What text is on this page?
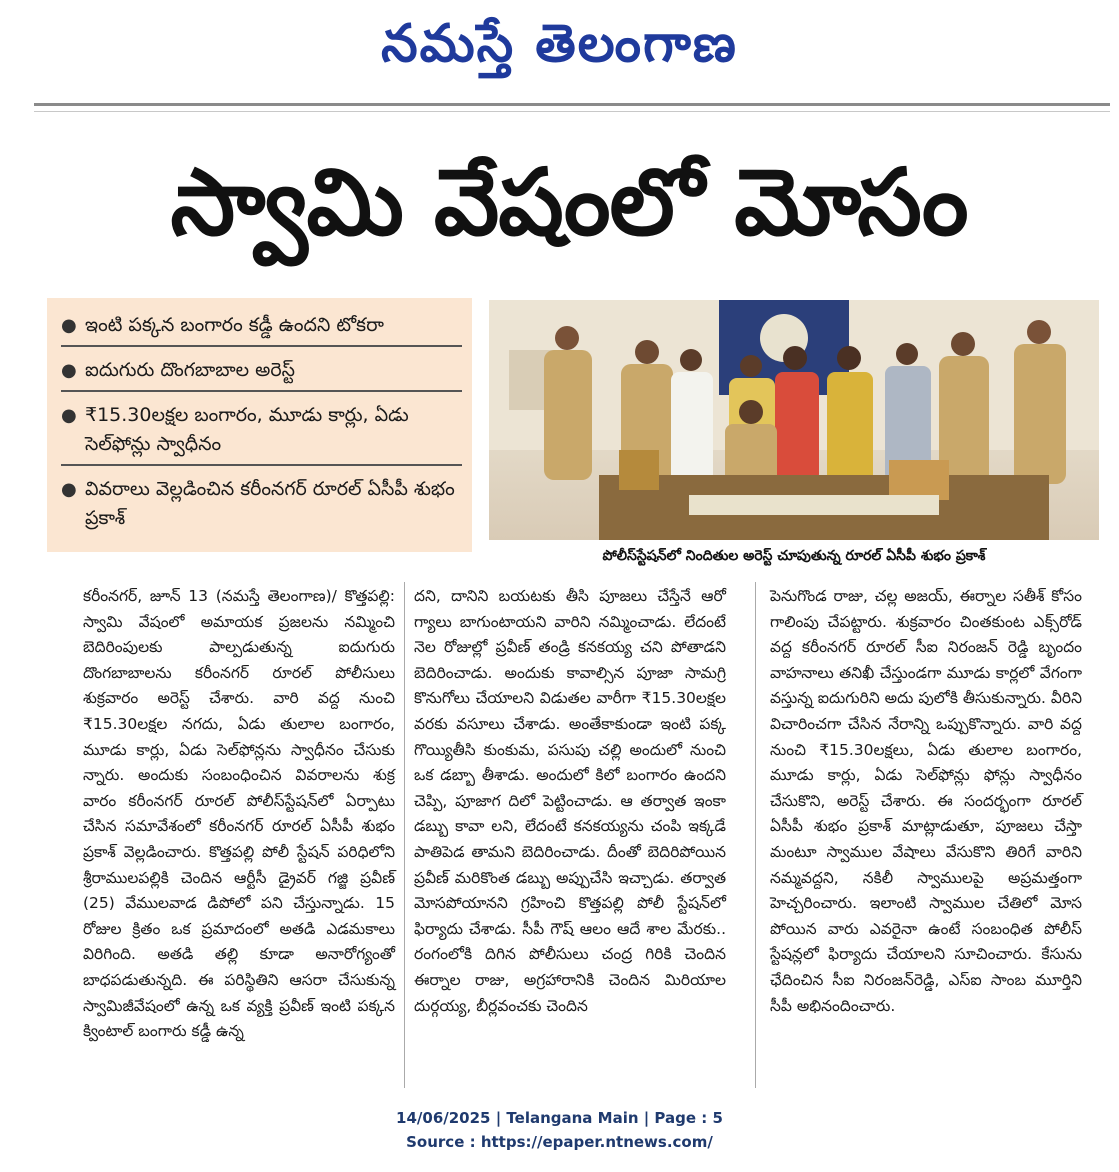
నమస్తే తెలంగాణ
స్వామి వేషంలో మోసం
● ఇంటి పక్కన బంగారం కడ్డీ ఉందని టోకరా
● ఐదుగురు దొంగబాబాల అరెస్ట్
● ₹15.30లక్షల బంగారం, మూడు కార్లు, ఏడు సెల్‌ఫోన్లు స్వాధీనం
● వివరాలు వెల్లడించిన కరీంనగర్ రూరల్ ఏసీపీ శుభం ప్రకాశ్
పోలీస్‌స్టేషన్‌లో నిందితుల అరెస్ట్ చూపుతున్న రూరల్ ఏసీపీ శుభం ప్రకాశ్
కరీంనగర్, జూన్ 13 (నమస్తే తెలంగాణ)/ కొత్తపల్లి: స్వామి వేషంలో అమాయక ప్రజలను నమ్మించి బెదిరింపులకు పాల్పడుతున్న ఐదుగురు దొంగబాబాలను కరీంనగర్ రూరల్ పోలీసులు శుక్రవారం అరెస్ట్ చేశారు. వారి వద్ద నుంచి ₹15.30లక్షల నగదు, ఏడు తులాల బంగారం, మూడు కార్లు, ఏడు సెల్‌ఫోన్లను స్వాధీనం చేసుకు న్నారు. అందుకు సంబంధించిన వివరాలను శుక్ర వారం కరీంనగర్ రూరల్ పోలీస్‌స్టేషన్‌లో ఏర్పాటు చేసిన సమావేశంలో కరీంనగర్ రూరల్ ఏసీపీ శుభం ప్రకాశ్ వెల్లడించారు. కొత్తపల్లి పోలీ స్టేషన్ పరిధిలోని శ్రీరాములపల్లికి చెందిన ఆర్టీసీ డ్రైవర్ గజ్జి ప్రవీణ్ (25) వేములవాడ డిపోలో పని చేస్తున్నాడు. 15 రోజుల క్రితం ఒక ప్రమాదంలో అతడి ఎడమకాలు విరిగింది. అతడి తల్లి కూడా అనారోగ్యంతో బాధపడుతున్నది. ఈ పరిస్థితిని ఆసరా చేసుకున్న స్వామిజీవేషంలో ఉన్న ఒక వ్యక్తి ప్రవీణ్ ఇంటి పక్కన క్వింటాల్ బంగారు కడ్డీ ఉన్న
దని, దానిని బయటకు తీసి పూజలు చేస్తేనే ఆరో గ్యాలు బాగుంటాయని వారిని నమ్మించాడు. లేదంటే నెల రోజుల్లో ప్రవీణ్ తండ్రి కనకయ్య చని పోతాడని బెదిరించాడు. అందుకు కావాల్సిన పూజా సామగ్రి కొనుగోలు చేయాలని విడుతల వారీగా ₹15.30లక్షల వరకు వసూలు చేశాడు. అంతేకాకుండా ఇంటి పక్క గొయ్యితీసి కుంకుమ, పసుపు చల్లి అందులో నుంచి ఒక డబ్బా తీశాడు. అందులో కిలో బంగారం ఉందని చెప్పి, పూజాగ దిలో పెట్టించాడు. ఆ తర్వాత ఇంకా డబ్బు కావా లని, లేదంటే కనకయ్యను చంపి ఇక్కడే పాతిపెడ తామని బెదిరించాడు. దీంతో బెదిరిపోయిన ప్రవీణ్ మరికొంత డబ్బు అప్పుచేసి ఇచ్చాడు. తర్వాత మోసపోయానని గ్రహించి కొత్తపల్లి పోలీ స్టేషన్‌లో ఫిర్యాదు చేశాడు. సీపీ గౌష్ ఆలం ఆదే శాల మేరకు.. రంగంలోకి దిగిన పోలీసులు చంద్ర గిరికి చెందిన ఈర్నాల రాజు, అగ్రహారానికి చెందిన మిరియాల దుర్గయ్య, బీర్లవంచకు చెందిన
పెనుగొండ రాజు, చల్ల అజయ్, ఈర్నాల సతీశ్ కోసం గాలింపు చేపట్టారు. శుక్రవారం చింతకుంట ఎక్స్‌రోడ్ వద్ద కరీంనగర్ రూరల్ సీఐ నిరంజన్ రెడ్డి బృందం వాహనాలు తనిఖీ చేస్తుండగా మూడు కార్లలో వేగంగా వస్తున్న ఐదుగురిని అదు పులోకి తీసుకున్నారు. వీరిని విచారించగా చేసిన నేరాన్ని ఒప్పుకొన్నారు. వారి వద్ద నుంచి ₹15.30లక్షలు, ఏడు తులాల బంగారం, మూడు కార్లు, ఏడు సెల్‌ఫోన్లు ఫోన్లు స్వాధీనం చేసుకొని, అరెస్ట్ చేశారు. ఈ సందర్భంగా రూరల్ ఏసీపీ శుభం ప్రకాశ్ మాట్లాడుతూ, పూజలు చేస్తా మంటూ స్వాముల వేషాలు వేసుకొని తిరిగే వారిని నమ్మవద్దని, నకిలీ స్వాములపై అప్రమత్తంగా హెచ్చరించారు. ఇలాంటి స్వాముల చేతిలో మోస పోయిన వారు ఎవరైనా ఉంటే సంబంధిత పోలీస్ స్టేషన్లలో ఫిర్యాదు చేయాలని సూచించారు. కేసును ఛేదించిన సీఐ నిరంజన్‌రెడ్డి, ఎస్ఐ సాంబ మూర్తిని సీపీ అభినందించారు.
14/06/2025 | Telangana Main | Page : 5
Source : https://epaper.ntnews.com/
